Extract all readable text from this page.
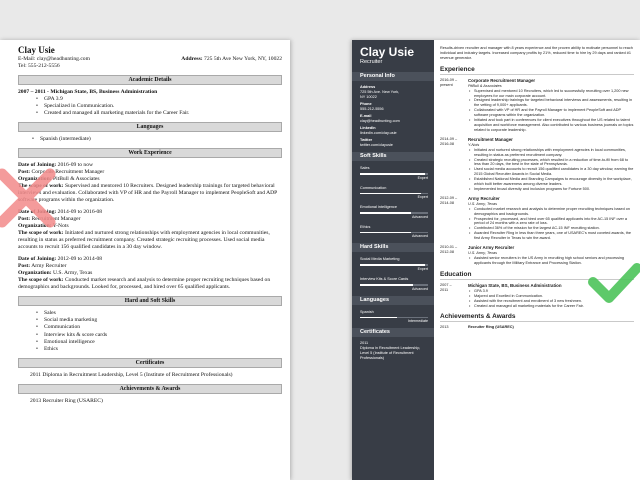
Clay Usie
E-Mail: clay@headhunting.com	Address: 725 5th Ave New York, NY, 10022
Tel: 555-212-5556
Academic Details
2007 – 2011 - Michigan State, BS, Business Administration
• GPA 3.9
• Specialized in Communication.
• Created and managed all marketing materials for the Career Fair.
Languages
• Spanish (intermediate)
Work Experience
Date of Joining: 2016-09 to now
Post: Corporate Recruitment Manager
Organization: PitBull & Associates
The scope of work: Supervised and mentored 10 Recruiters. Designed leadership trainings for targeted behavioral interviews and evaluation. Collaborated with VP of HR and the Payroll Manager to implement PeopleSoft and ADP software programs within the organization.
Date of Joining: 2014-09 to 2016-08
Post: Recruitment Manager
Organization: Y-Nots
The scope of work: Initiated and nurtured strong relationships with employment agencies in local communities, resulting in status as preferred recruitment company. Created strategic recruiting processes. Used social media accounts to recruit 156 qualified candidates in a 30 day window.
Date of Joining: 2012-09 to 2014-08
Post: Army Recruiter
Organization: U.S. Army, Texas
The scope of work: Conducted market research and analysis to determine proper recruiting techniques based on demographics and backgrounds. Looked for, processed, and hired over 65 qualified applicants.
Hard and Soft Skills
• Sales
• Social media marketing
• Communication
• Interview kits & score cards
• Emotional intelligence
• Ethics
Certificates
2011 Diploma in Recruitment Leadership, Level 5 (Institute of Recruitment Professionals)
Achievements & Awards
2013 Recruiter Ring (USAREC)
Clay Usie
Recruiter
Personal Info
Address
725 5th Ave. New York,
NY 10022
Phone
555-212-5556
E-mail
clay@headhunting.com
LinkedIn
linkedin.com/clay.usie
Twitter
twitter.com/clayusie
Soft Skills
Sales
Expert
Communication
Expert
Emotional intelligence
Advanced
Ethics
Advanced
Hard Skills
Social Media Marketing
Expert
Interview Kits & Score Cards
Advanced
Languages
Spanish
Intermediate
Certificates
2011
Diploma in Recruitment Leadership,
Level 5 (Institute of Recruitment
Professionals)
Results-driven recruiter and manager with 8 years experience and the proven ability to motivate personnel to reach individual and industry targets. Increased company profits by 21%, reduced time to hire by 29 days and ranked #1 revenue generator.
Experience
2016-09 –
present
Corporate Recruitment Manager
PitBull & Associates
• Supervised and mentored 10 Recruiters, which led to successfully recruiting over 1,200 new employees for our main corporate account.
• Designed leadership trainings for targeted behavioral interviews and assessments, resulting in the vetting of 9,000+ applicants.
• Collaborated with VP of HR and the Payroll Manager to implement PeopleSoft and ADP software programs within the organization.
• Initiated and took part in conferences for client executives throughout the US related to talent acquisition and workforce management. Also contributed to various business journals on topics related to corporate leadership.
2014-09 –
2016-08
Recruitment Manager
Y-Nots
• Initiated and nurtured strong relationships with employment agencies in local communities, resulting in status as preferred recruitment company.
• Created strategic recruiting processes, which resulted in a reduction of time-to-fill from 68 to less than 20 days, the best in the state of Pennsylvania.
• Used social media accounts to recruit 156 qualified candidates in a 30 day window, earning the 2015 Global Recruiter Awards in Social Media.
• Established National Media and Branding Campaigns to encourage diversity in the workplace, which built better awareness among diverse leaders.
• Implemented broad diversity and inclusion programs for Fortune 500.
2012-09 –
2014-08
Army Recruiter
U.S. Army, Texas
• Conducted market research and analysis to determine proper recruiting techniques based on demographics and backgrounds.
• Prospected for, processed, and hired over 65 qualified applicants into the AC-15 INF over a period of 24 months with a zero rate of loss.
• Contributed 36% of the mission for the largest AC-15 INF recruiting station.
• Awarded Recruiter Ring in less than three years, one of USAREC's most coveted awards, the first Army Recruiter in Texas to win the award.
2010-01 –
2012-08
Junior Army Recruiter
U.S. Army, Texas
• Assisted senior recruiters in the US Army in recruiting high school seniors and processing applicants through the Military Entrance and Processing Station.
Education
2007 –
2011
Michigan State, BS, Business Administration
• GPA 3.9
• Majored and Excelled in Communication.
• Assisted with the recruitment and enrollment of 3 new freshmen.
• Created and managed all marketing materials for the Career Fair.
Achievements & Awards
2013	Recruiter Ring (USAREC)
